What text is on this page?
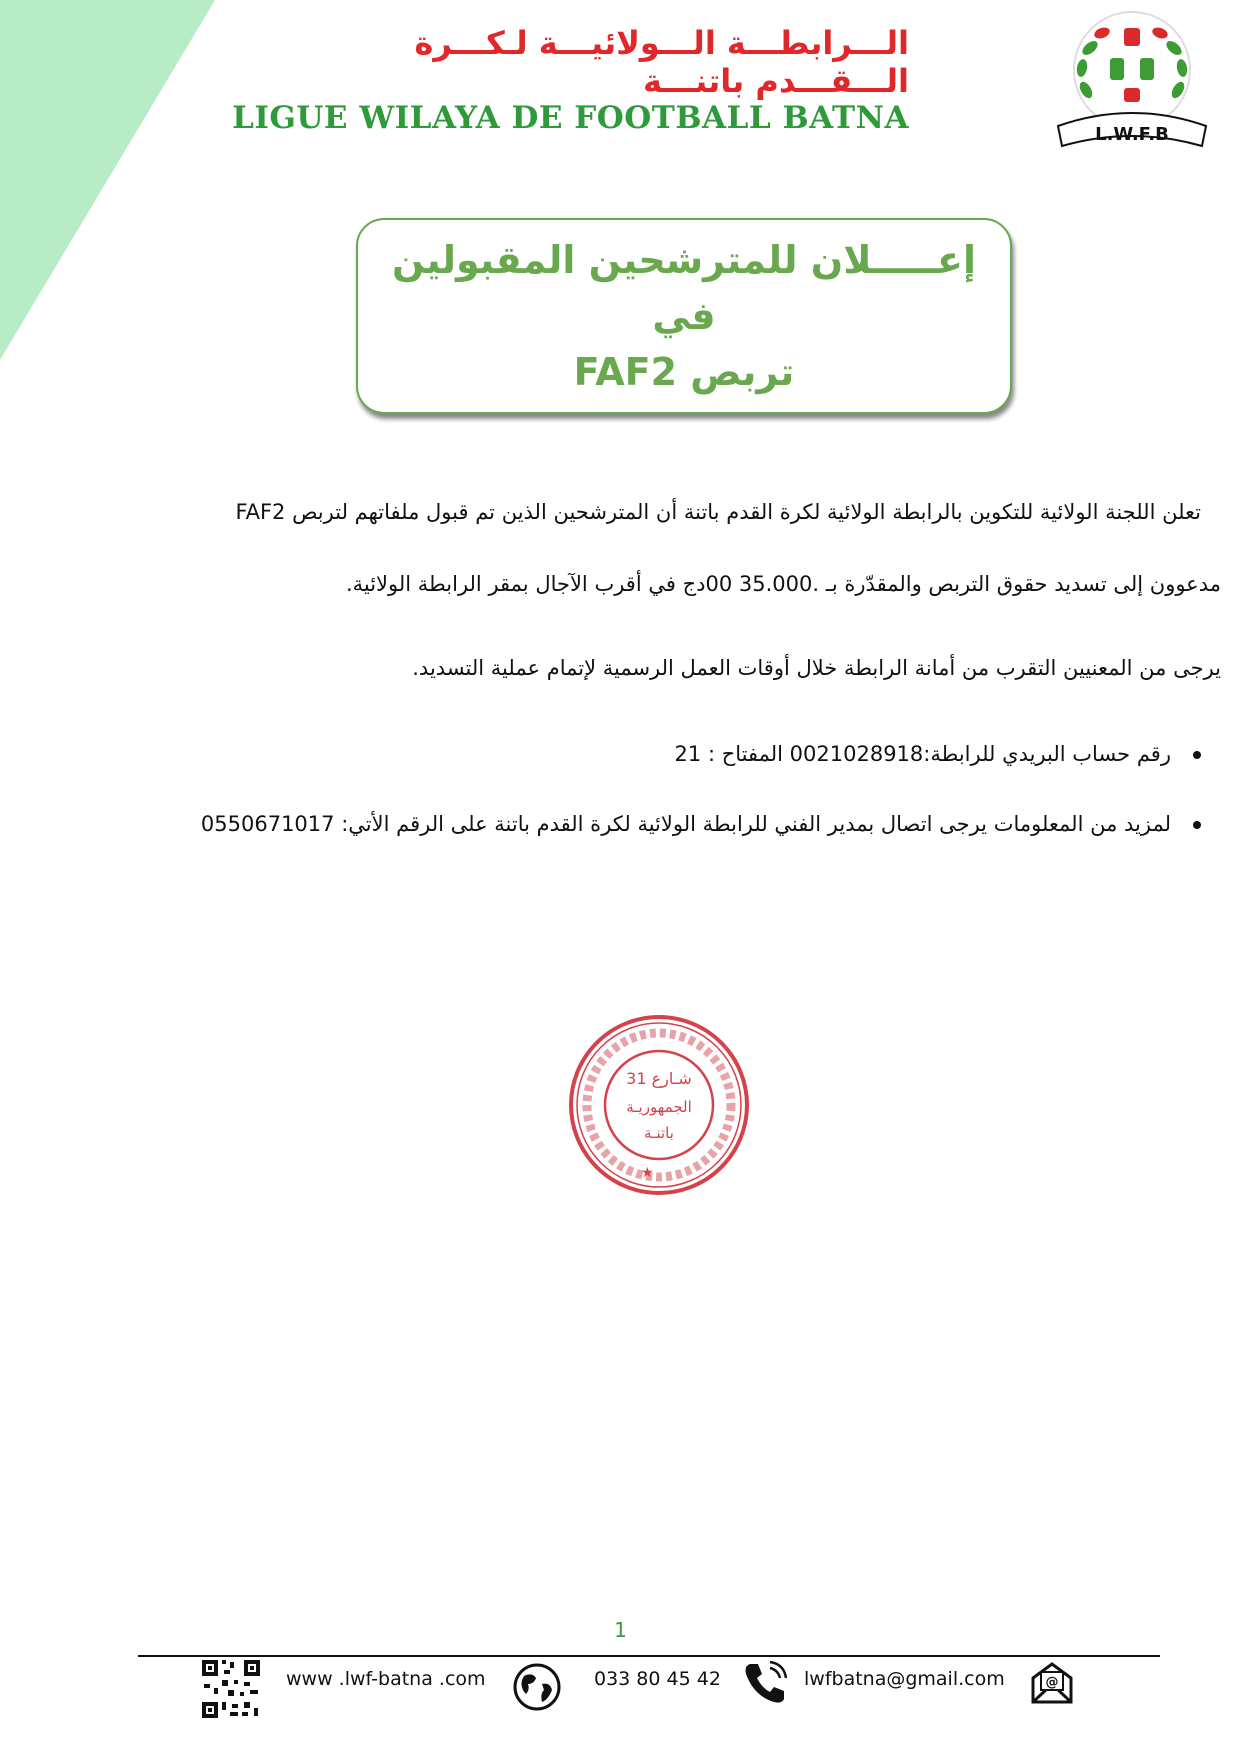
الـــرابطـــة الـــولائيـــة لـكـــرة الـــقـــدم باتنـــة
LIGUE WILAYA DE FOOTBALL BATNA	L.W.F.B
إعـــــلان للمترشحين المقبولين في
تربص FAF2
تعلن اللجنة الولائية للتكوين بالرابطة الولائية لكرة القدم باتنة أن المترشحين الذين تم قبول ملفاتهم لتربص FAF2
مدعوون إلى تسديد حقوق التربص والمقدّرة بـ .35.000 00دج في أقرب الآجال بمقر الرابطة الولائية.
يرجى من المعنيين التقرب من أمانة الرابطة خلال أوقات العمل الرسمية لإتمام عملية التسديد.
رقم حساب البريدي للرابطة:0021028918 المفتاح : 21
لمزيد من المعلومات يرجى اتصال بمدير الفني للرابطة الولائية لكرة القدم باتنة على الرقم الأتي: 0550671017
31 شـارع
الجمهوريـة
باتنـة
★
1
www .lwf-batna .com	033 80 45 42	lwfbatna@gmail.com	@
